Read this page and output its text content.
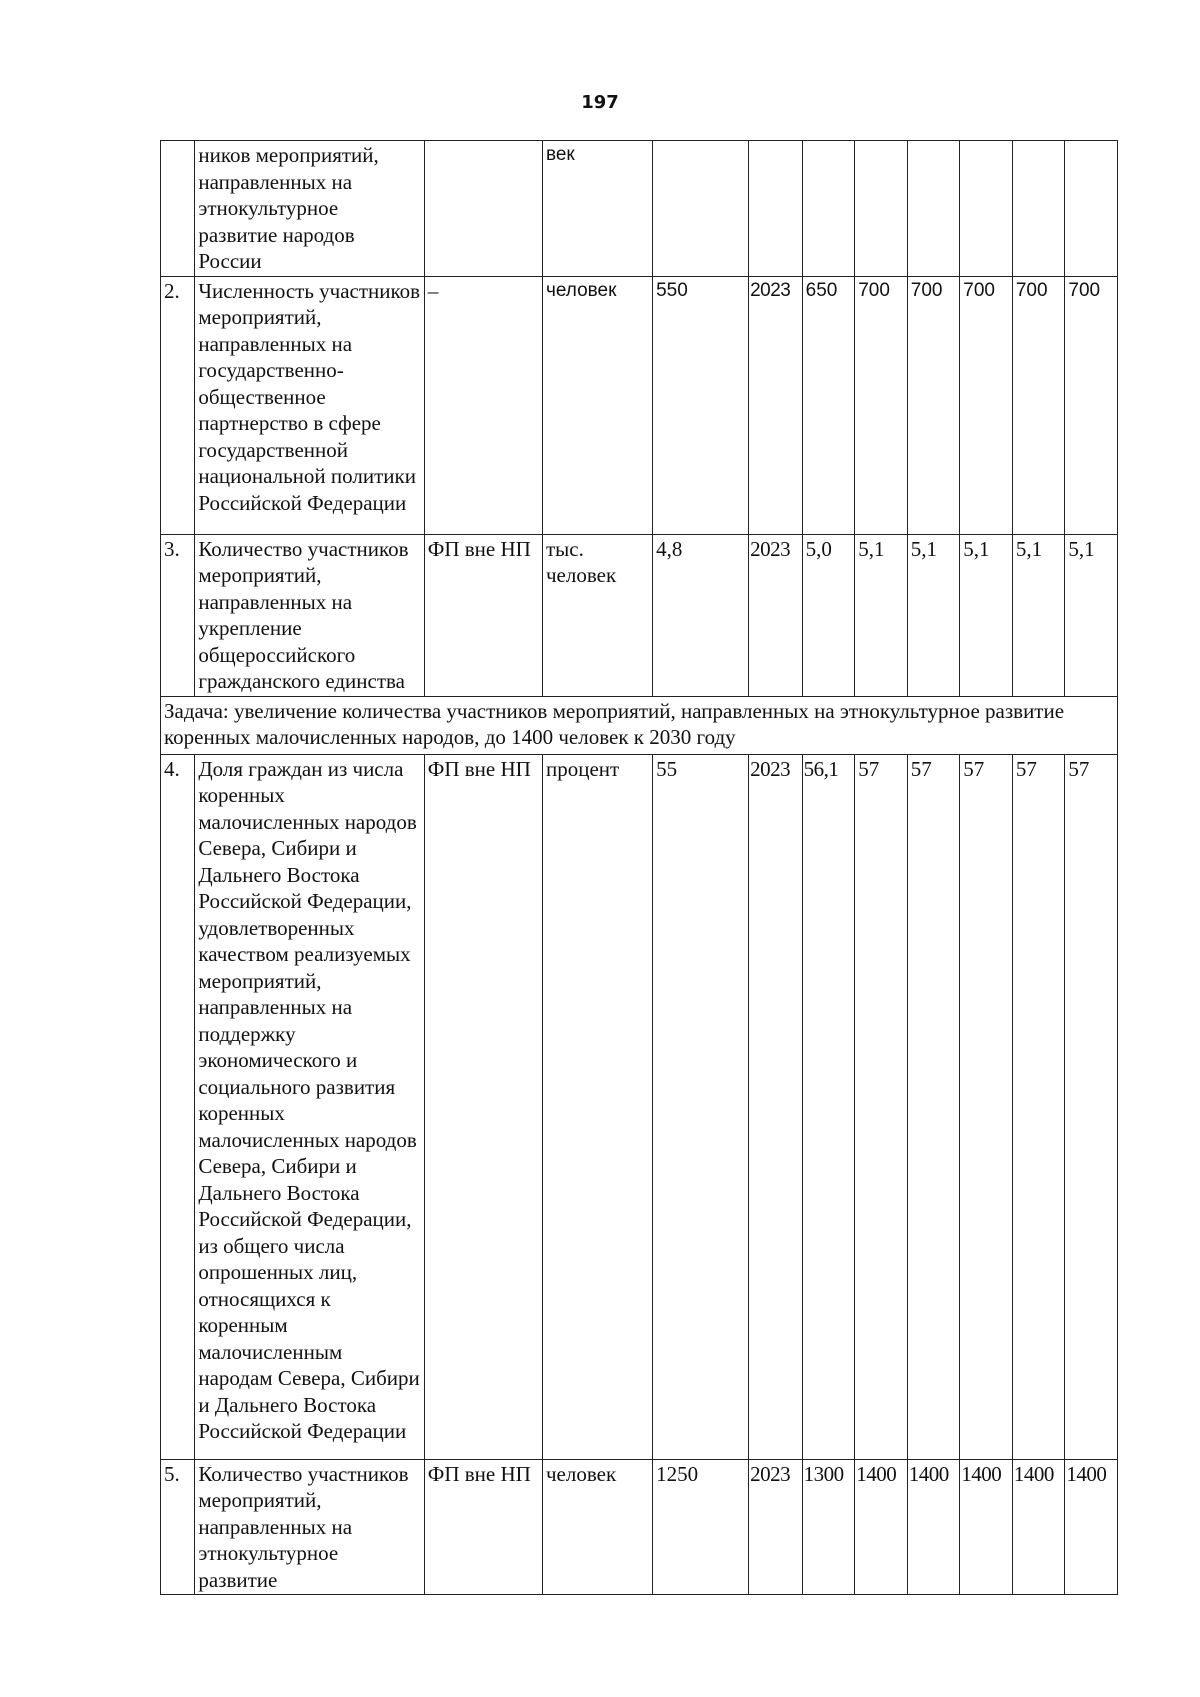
197
	ников мероприятий, направленных на этнокультурное развитие народов России		век								
2.	Численность участников мероприятий, направленных на государственно-общественное партнерство в сфере государственной национальной политики Российской Федерации	–	человек	550	2023	650	700	700	700	700	700
3.	Количество участников мероприятий, направленных на укрепление общероссийского гражданского единства	ФП вне НП	тыс. человек	4,8	2023	5,0	5,1	5,1	5,1	5,1	5,1
Задача: увеличение количества участников мероприятий, направленных на этнокультурное развитие коренных малочисленных народов, до 1400 человек к 2030 году											
4.	Доля граждан из числа коренных малочисленных народов Севера, Сибири и Дальнего Востока Российской Федерации, удовлетворенных качеством реализуемых мероприятий, направленных на поддержку экономического и социального развития коренных малочисленных народов Севера, Сибири и Дальнего Востока Российской Федерации, из общего числа опрошенных лиц, относящихся к коренным малочисленным народам Севера, Сибири и Дальнего Востока Российской Федерации	ФП вне НП	процент	55	2023	56,1	57	57	57	57	57
5.	Количество участников мероприятий, направленных на этнокультурное развитие	ФП вне НП	человек	1250	2023	1300	1400	1400	1400	1400	1400
